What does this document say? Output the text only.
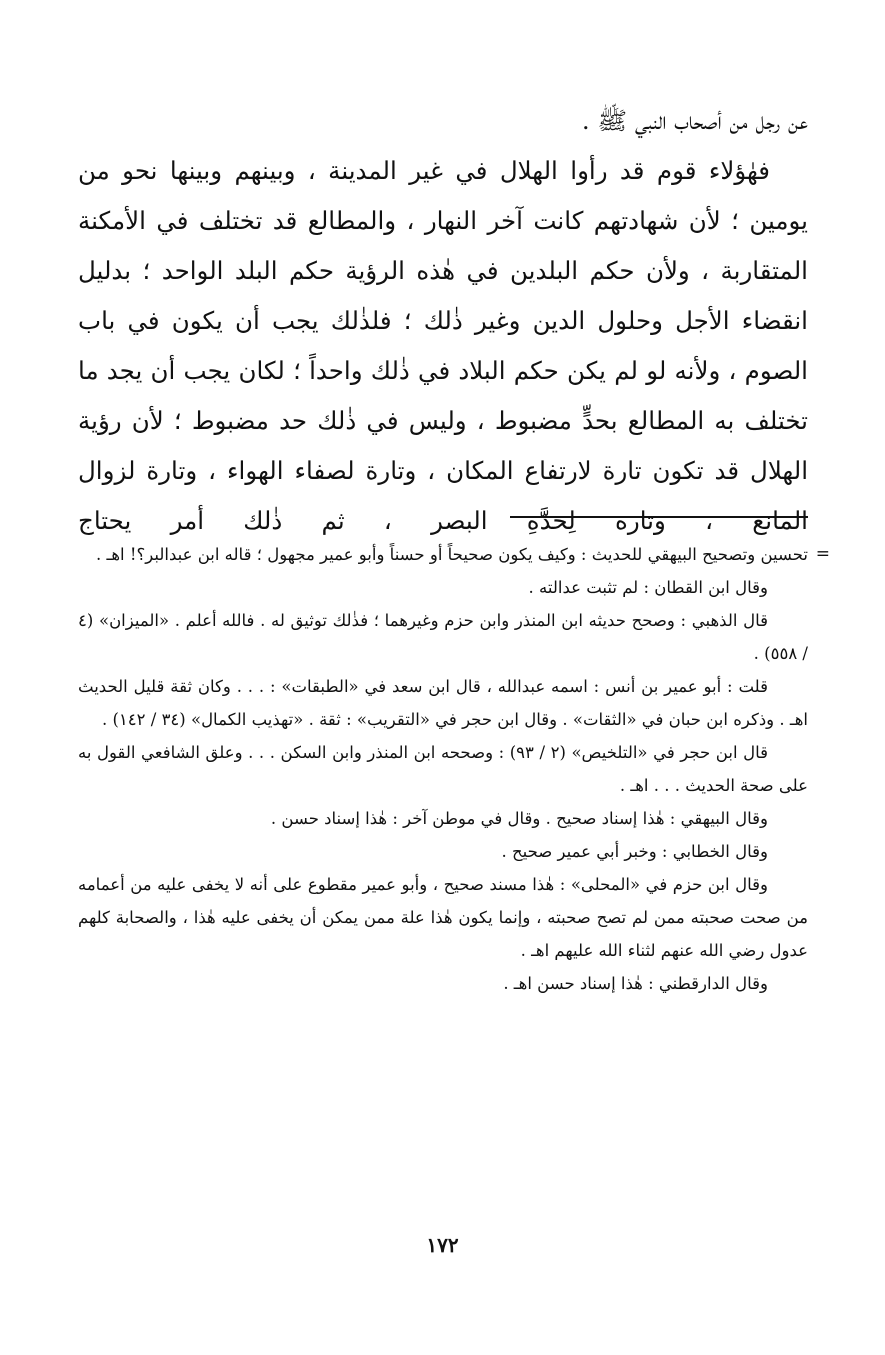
عن رجل من أصحاب النبي ﷺ .

فهٰؤلاء قوم قد رأوا الهلال في غير المدينة ، وبينهم وبينها نحو من يومين ؛ لأن شهادتهم كانت آخر النهار ، والمطالع قد تختلف في الأمكنة المتقاربة ، ولأن حكم البلدين في هٰذه الرؤية حكم البلد الواحد ؛ بدليل انقضاء الأجل وحلول الدين وغير ذٰلك ؛ فلذٰلك يجب أن يكون في باب الصوم ، ولأنه لو لم يكن حكم البلاد في ذٰلك واحداً ؛ لكان يجب أن يجد ما تختلف به المطالع بحدٍّ مضبوط ، وليس في ذٰلك حد مضبوط ؛ لأن رؤية الهلال قد تكون تارة لارتفاع المكان ، وتارة لصفاء الهواء ، وتارة لزوال المانع ، وتارة لِحدَّةِ البصر ، ثم ذٰلك أمر يحتاج

=
تحسين وتصحيح البيهقي للحديث : وكيف يكون صحيحاً أو حسناً وأبو عمير مجهول ؛ قاله ابن عبدالبر؟! اهـ .

وقال ابن القطان : لم تثبت عدالته .

قال الذهبي : وصحح حديثه ابن المنذر وابن حزم وغيرهما ؛ فذٰلك توثيق له . فالله أعلم . «الميزان» (٤ / ٥٥٨) .

قلت : أبو عمير بن أنس : اسمه عبدالله ، قال ابن سعد في «الطبقات» : . . . وكان ثقة قليل الحديث اهـ . وذكره ابن حبان في «الثقات» . وقال ابن حجر في «التقريب» : ثقة . «تهذيب الكمال» (٣٤ / ١٤٢) .

قال ابن حجر في «التلخيص» (٢ / ٩٣) : وصححه ابن المنذر وابن السكن . . . وعلق الشافعي القول به على صحة الحديث . . . اهـ .

وقال البيهقي : هٰذا إسناد صحيح . وقال في موطن آخر : هٰذا إسناد حسن .

وقال الخطابي : وخبر أبي عمير صحيح .

وقال ابن حزم في «المحلى» : هٰذا مسند صحيح ، وأبو عمير مقطوع على أنه لا يخفى عليه من أعمامه من صحت صحبته ممن لم تصح صحبته ، وإنما يكون هٰذا علة ممن يمكن أن يخفى عليه هٰذا ، والصحابة كلهم عدول رضي الله عنهم لثناء الله عليهم اهـ .

وقال الدارقطني : هٰذا إسناد حسن اهـ .

١٧٢
